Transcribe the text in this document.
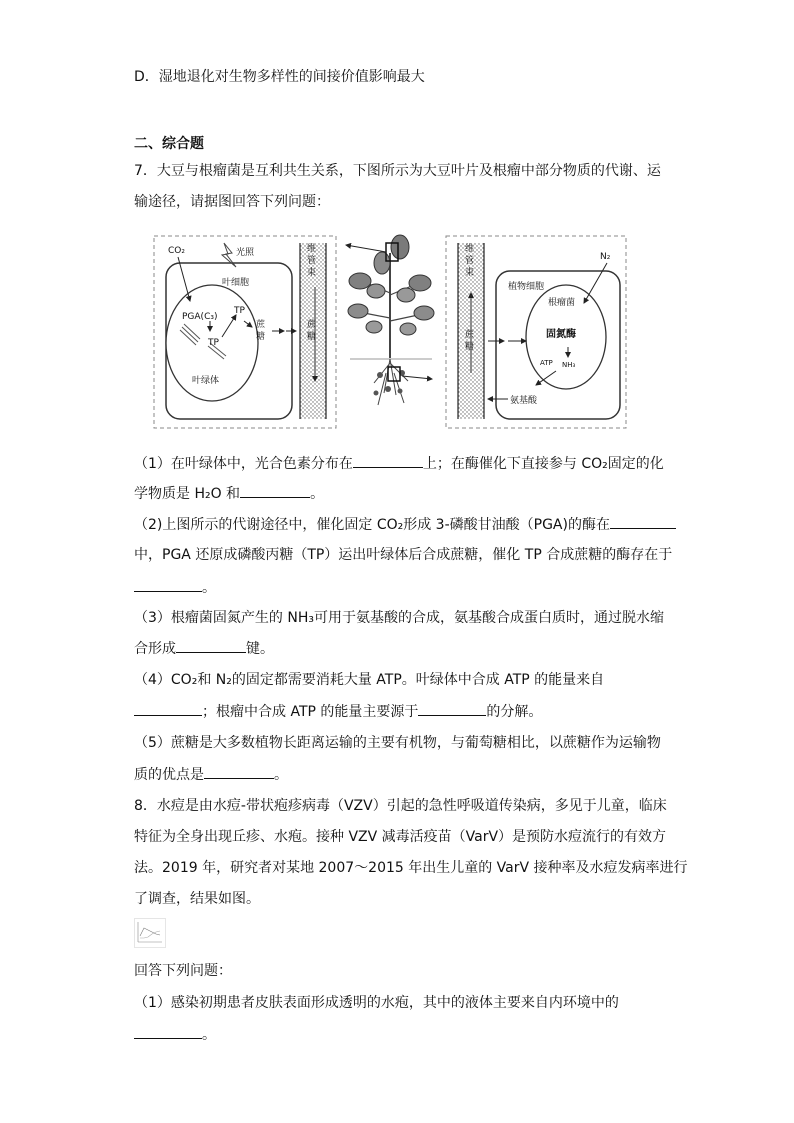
D．湿地退化对生物多样性的间接价值影响最大
二、综合题
7．大豆与根瘤菌是互利共生关系，下图所示为大豆叶片及根瘤中部分物质的代谢、运
输途径，请据图回答下列问题：
CO₂	光照
叶细胞
PGA(C₃)
TP
TP
叶绿体
蔗
糖
维
管
束
蔗
糖
维
管
束
蔗
糖
植物细胞
根瘤菌
N₂
固氮酶
ATP NH₃
氨基酸
（1）在叶绿体中，光合色素分布在	上；在酶催化下直接参与 CO₂固定的化
学物质是 H₂O 和	。
（2)上图所示的代谢途径中，催化固定 CO₂形成 3-磷酸甘油酸（PGA)的酶在
中，PGA 还原成磷酸丙糖（TP）运出叶绿体后合成蔗糖，催化 TP 合成蔗糖的酶存在于
。
（3）根瘤菌固氮产生的 NH₃可用于氨基酸的合成，氨基酸合成蛋白质时，通过脱水缩
合形成	键。
（4）CO₂和 N₂的固定都需要消耗大量 ATP。叶绿体中合成 ATP 的能量来自
；根瘤中合成 ATP 的能量主要源于	的分解。
（5）蔗糖是大多数植物长距离运输的主要有机物，与葡萄糖相比，以蔗糖作为运输物
质的优点是	。
8．水痘是由水痘-带状疱疹病毒（VZV）引起的急性呼吸道传染病，多见于儿童，临床
特征为全身出现丘疹、水疱。接种 VZV 减毒活疫苗（VarV）是预防水痘流行的有效方
法。2019 年，研究者对某地 2007～2015 年出生儿童的 VarV 接种率及水痘发病率进行
了调查，结果如图。
回答下列问题：
（1）感染初期患者皮肤表面形成透明的水疱，其中的液体主要来自内环境中的
。
